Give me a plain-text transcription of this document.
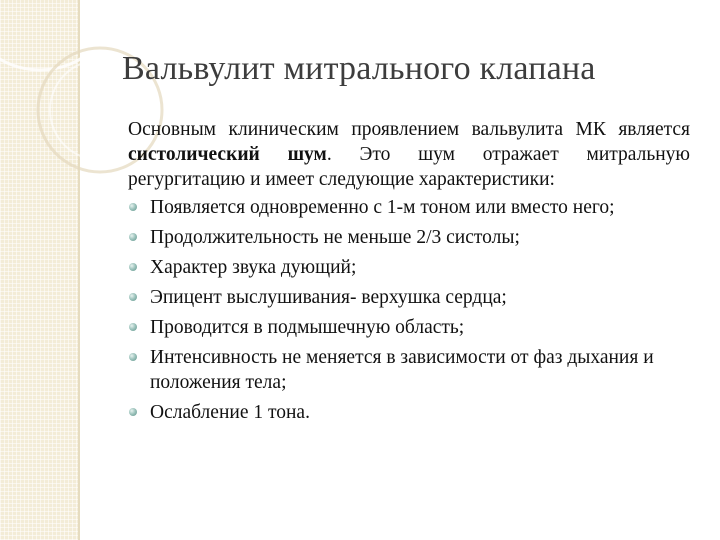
Вальвулит митрального клапана

Основным клиническим проявлением вальвулита МК является систолический шум. Это шум отражает митральную регургитацию и имеет следующие характеристики:

Появляется одновременно с 1-м тоном или вместо него;
Продолжительность не меньше 2/3 систолы;
Характер звука дующий;
Эпицент выслушивания- верхушка сердца;
Проводится в подмышечную область;
Интенсивность не меняется в зависимости от фаз дыхания и положения тела;
Ослабление 1 тона.
